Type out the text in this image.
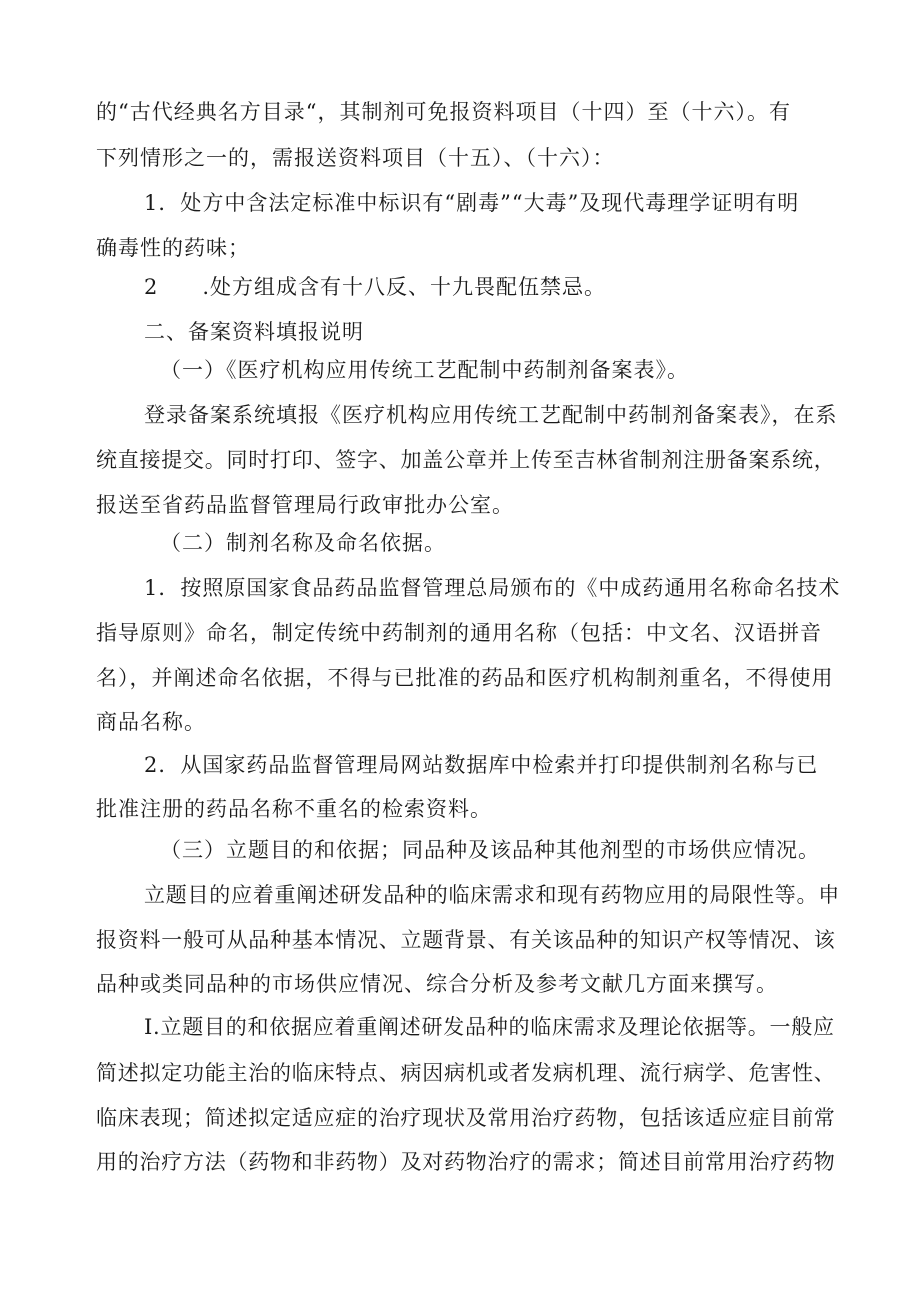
的“古代经典名方目录“，其制剂可免报资料项目（十四）至（十六）。有
下列情形之一的，需报送资料项目（十五）、（十六）：
1．处方中含法定标准中标识有“剧毒”“大毒”及现代毒理学证明有明
确毒性的药味；
2　　.处方组成含有十八反、十九畏配伍禁忌。
二、备案资料填报说明
（一）《医疗机构应用传统工艺配制中药制剂备案表》。
登录备案系统填报《医疗机构应用传统工艺配制中药制剂备案表》，在系
统直接提交。同时打印、签字、加盖公章并上传至吉林省制剂注册备案系统，
报送至省药品监督管理局行政审批办公室。
（二）制剂名称及命名依据。
1．按照原国家食品药品监督管理总局颁布的《中成药通用名称命名技术
指导原则》命名，制定传统中药制剂的通用名称（包括：中文名、汉语拼音
名），并阐述命名依据，不得与已批准的药品和医疗机构制剂重名，不得使用
商品名称。
2．从国家药品监督管理局网站数据库中检索并打印提供制剂名称与已
批准注册的药品名称不重名的检索资料。
（三）立题目的和依据；同品种及该品种其他剂型的市场供应情况。
立题目的应着重阐述研发品种的临床需求和现有药物应用的局限性等。申
报资料一般可从品种基本情况、立题背景、有关该品种的知识产权等情况、该
品种或类同品种的市场供应情况、综合分析及参考文献几方面来撰写。
I.立题目的和依据应着重阐述研发品种的临床需求及理论依据等。一般应
简述拟定功能主治的临床特点、病因病机或者发病机理、流行病学、危害性、
临床表现；简述拟定适应症的治疗现状及常用治疗药物，包括该适应症目前常
用的治疗方法（药物和非药物）及对药物治疗的需求；简述目前常用治疗药物
